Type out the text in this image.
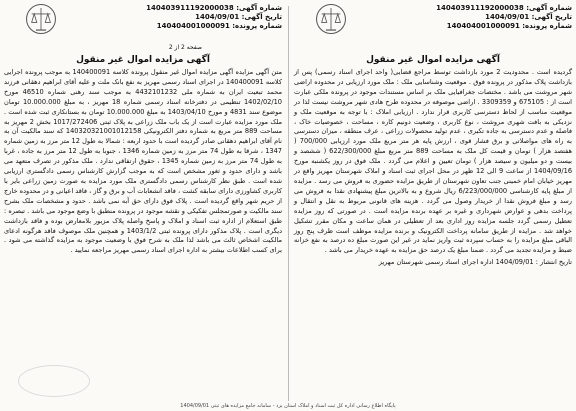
شماره آگهی: 140403911192000038
تاریخ آگهی: 1404/09/01
شماره پرونده: 140404001000091
آگهی مزایده اموال غیر منقول

گردیده است . محدودیت 2 مورد بازداشت توسط مراجع قضایی( واحد اجرای اسناد رسمی) پس از بازداشت پلاک مذکور در پرونده فوق . موقعیت وشناسایی ملک : ملک مورد ارزیابی در محدوده اراضی شهر مروشت می باشد . مختصات جغرافیایی ملک بر اساس مستندات موجود در پرونده ملکی عبارت است از : 675105 و 3309359 . اراضی موصوفه در محدوده طرح هادی شهر مروشت نیست لذا در موقعیت مناسب از لحاظ دسترسی کاربری قرار ندارد . ارزیابی املاک : با توجه به موقعیت ملک و نزدیکی به بافت شهری مروشت ، نوع کاربری ، وضعیت دونیم کاره ، مساحت ، خصوصیات خاک ، فاصله و عدم دسترسی به جاده تکبری ، عدم تولید محصولات زراعی ، عرف منطقه ، میزان دسترسی به راه های مواصلاتی و برق فشار قوی ، ارزش پایه هر متر مربع ملک مورد ارزیابی 700/000 ( هفتصد هزار ) تومان و قیمت کل ملک به مساحت 889 متر مربع مبلغ 622/300/000 ( ششصد و بیست و دو میلیون و سیصد هزار ) تومان تعیین و اعلام می گردد . ملک فوق در روز یکشنبه مورخ 1404/09/16 از ساعت 9 الی 12 ظهر در محل اجرای ثبت اسناد و املاک شهرستان مهریز واقع در مهریز خیابان امام خمینی جنب تعاون شهرستان از طریق مزایده حضوری به فروش می رسد . مزایده از مبلغ پایه کارشناسی 6/223/000/000 ریال شروع و به بالاترین مبلغ پیشنهادی نقدا به فروش می رسد و مبلغ فروش نقدا از خریدار وصول می گردد . هزینه های قانونی مربوط به نقل و انتقال و پرداخت بدهی و عوارض شهرداری و غیره بر عهده برنده مزایده است . در صورتی که روز مزایده تعطیل رسمی گردد جلسه مزایده روز اداری بعد از تعطیلی در همان ساعت و مکان مقرر تشکیل خواهد شد . مزایده از طریق سامانه پرداخت الکترونیک و برنده مزایده موظف است ظرف پنج روز الباقی مبلغ مزایده را به حساب سپرده ثبت واریز نماید در غیر این صورت مبلغ ده درصد به نفع خزانه ضبط و مزایده تجدید می گردد . ضمنا مبلغ یک درصد حق مزایده به عهده خریدار می باشد .

تاریخ انتشار : 1404/09/01 اداره اجرای اسناد رسمی شهرستان مهریز

شماره آگهی: 140403911192000038
تاریخ آگهی: 1404/09/01
شماره پرونده: 140404001000091
صفحه 2 از 2
آگهی مزایده اموال غیر منقول

متن آگهی مزایده آگهی مزایده اموال غیر منقول پرونده کلاسه 140400091 به موجب پرونده اجرایی کلاسه 140400091 در اجرای اسناد رسمی مهریز به نفع بانک ملت و علیه آقای ابراهیم دهقانی فرزند محمد تبعیت ایران به شماره ملی 4432101232 به موجب سند رهنی شماره 46510 مورخ 1402/02/10 تنظیمی در دفترخانه اسناد رسمی شماره 18 مهریز ، به مبلغ 10.000.000 تومان موضوع سند 4831 و مورخ 1403/04/10 به مبلغ 10.000.000 تومان به بستانکاری ثبت شده است . ملک مورد مزایده عبارت است از یک باب ملک زراعی به پلاک ثبتی 1017/272406 بخش 2 مهریز به مساحت 889 متر مربع به شماره دفتر الکترونیکی 140320321001012158 که سند مالکیت آن به نام آقای ابراهیم دهقانی صادر گردیده است با حدود اربعه : شمالا به طول 12 متر مرز به زمین شماره 1347 ، شرقا به طول 74 متر مرز به زمین شماره 1346 ، جنوبا به طول 12 متر مرز به جاده ، غربا به طول 74 متر مرز به زمین شماره 1345 ، حقوق ارتفاقی ندارد . ملک مذکور در تصرف متعهد می باشد و دارای حدود و ثغور مشخص است که به موجب گزارش کارشناس رسمی دادگستری ارزیابی شده است . طبق نظر کارشناس رسمی دادگستری ملک مورد مزایده به صورت زمین زراعی بایر با کاربری کشاورزی دارای سابقه کشت ، فاقد انشعابات آب و برق و گاز ، فاقد اعیانی و در محدوده خارج از حریم شهر واقع گردیده است . پلاک فوق دارای حق آبه نمی باشد . حدود و مشخصات ملک بشرح سند مالکیت و صورتمجلس تفکیکی و نقشه موجود در پرونده منطبق با وضع موجود می باشد . تبصره : طبق استعلام از اداره ثبت اسناد و املاک و پاسخ واصله پلاک مزبور بلامعارض بوده و فاقد بازداشت دیگری است . پلاک مذکور دارای پرونده ثبتی 1403/1/2 و همچنین ملک موصوف فاقد هرگونه ادعای مالکیت اشخاص ثالث می باشد لذا ملک به شرح فوق با وضعیت موجود به مزایده گذاشته می شود . برای کسب اطلاعات بیشتر به اداره اجرای اسناد رسمی مهریز مراجعه نمایید .

پایگاه اطلاع رسانی اداره کل ثبت اسناد و املاک استان یزد - سامانه جامع مزایده های ثبتی 1404/09/01
